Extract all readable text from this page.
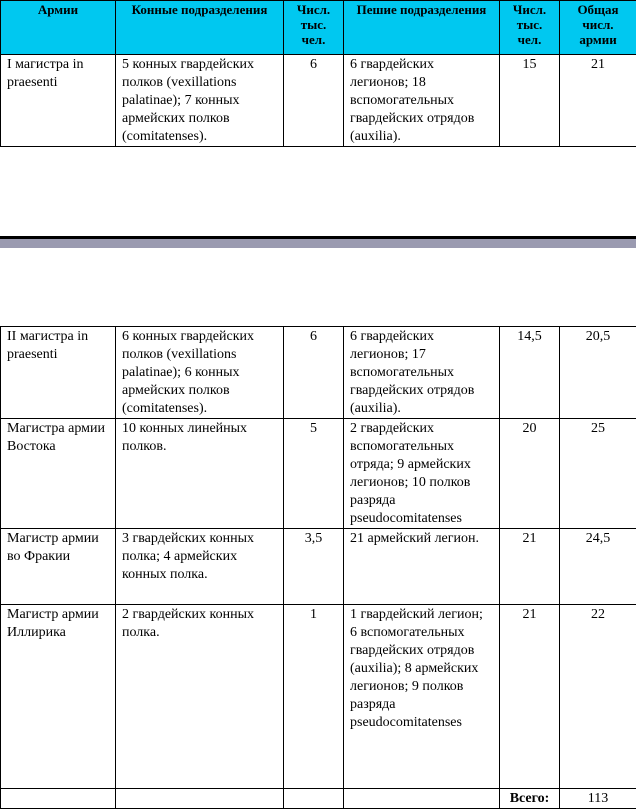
Армии	Конные подразделения	Числ. тыс. чел.	Пешие подразделения	Числ. тыс. чел.	Общая числ. армии
I магистра in praesenti	5 конных гвардейских полков (vexillations palatinae); 7 конных армейских полков (comitatenses).	6	6 гвардейских легионов; 18 вспомогательных гвардейских отрядов (auxilia).	15	21
II магистра in praesenti	6 конных гвардейских полков (vexillations palatinae); 6 конных армейских полков (comitatenses).	6	6 гвардейских легионов; 17 вспомогательных гвардейских отрядов (auxilia).	14,5	20,5
Магистра армии Востока	10 конных линейных полков.	5	2 гвардейских вспомогательных отряда; 9 армейских легионов; 10 полков разряда pseudocomitatenses	20	25
Магистр армии во Фракии	3 гвардейских конных полка; 4 армейских конных полка.	3,5	21 армейский легион.	21	24,5
Магистр армии Иллирика	2 гвардейских конных полка.	1	1 гвардейский легион; 6 вспомогательных гвардейских отрядов (auxilia); 8 армейских легионов; 9 полков разряда pseudocomitatenses	21	22
				Всего:	113
